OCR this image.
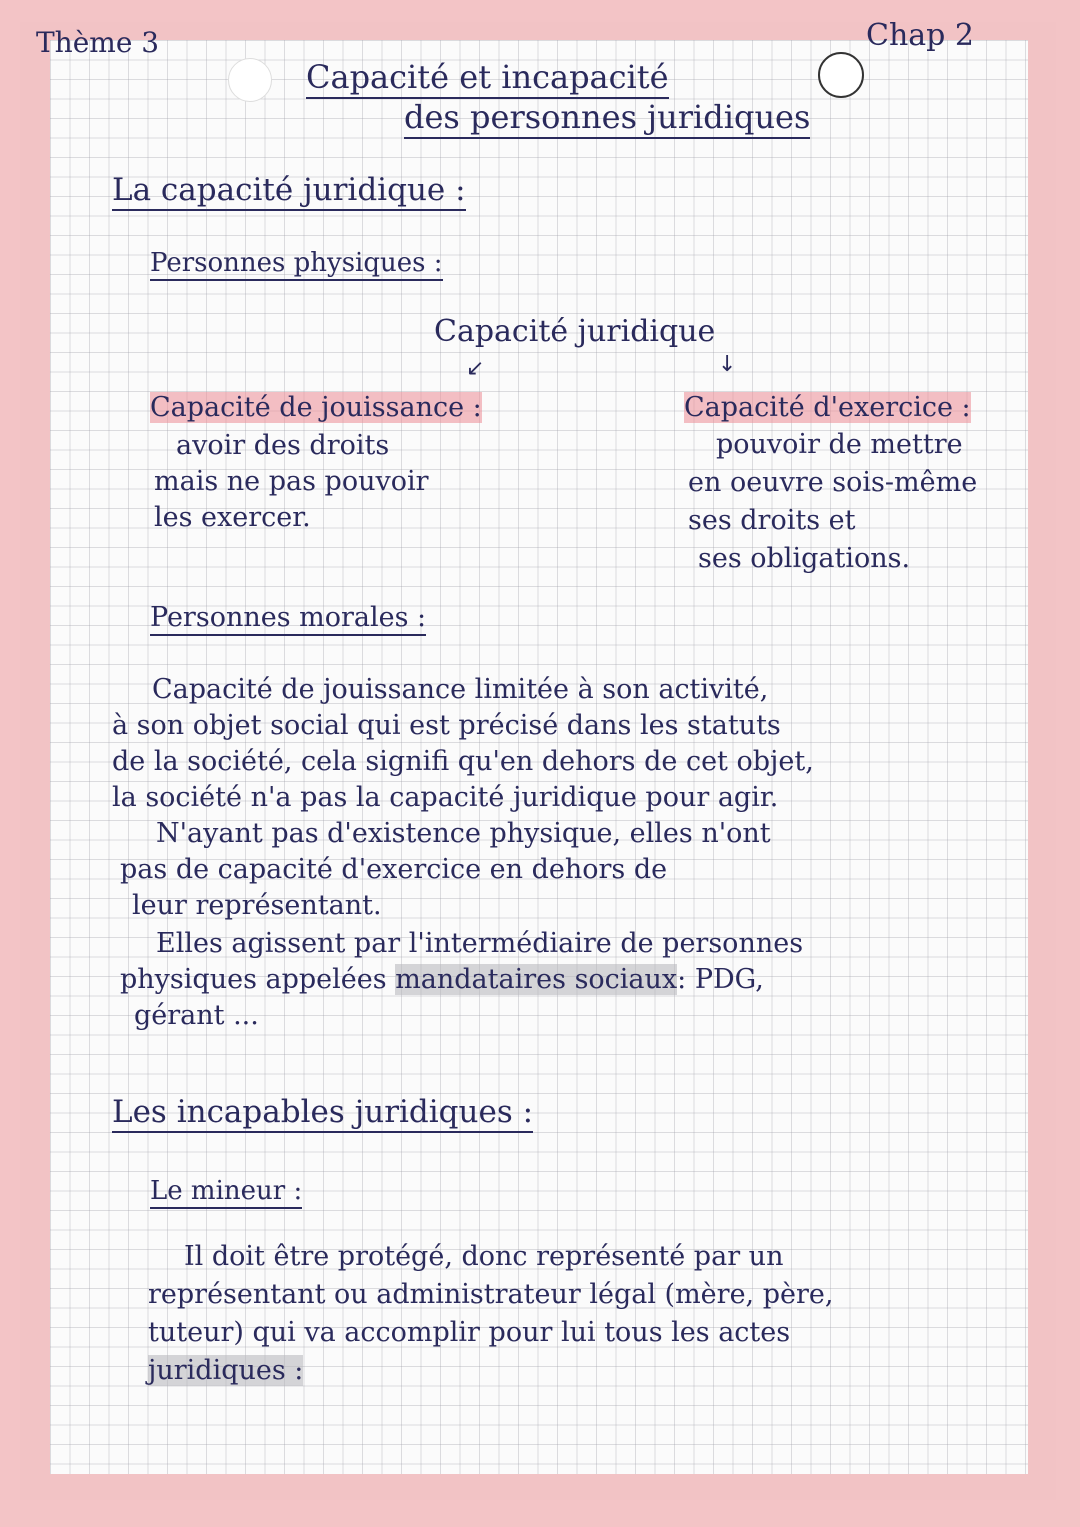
Thème 3	Chap 2
Capacité et incapacité
des personnes juridiques
La capacité juridique :
Personnes physiques :
Capacité juridique
↙	↓
Capacité de jouissance :
avoir des droits
mais ne pas pouvoir
les exercer.
Capacité d'exercice :
pouvoir de mettre
en oeuvre sois-même
ses droits et
ses obligations.
Personnes morales :
Capacité de jouissance limitée à son activité,
à son objet social qui est précisé dans les statuts
de la société, cela signifi qu'en dehors de cet objet,
la société n'a pas la capacité juridique pour agir.
N'ayant pas d'existence physique, elles n'ont
pas de capacité d'exercice en dehors de
leur représentant.
Elles agissent par l'intermédiaire de personnes
physiques appelées mandataires sociaux: PDG,
gérant ...
Les incapables juridiques :
Le mineur :
Il doit être protégé, donc représenté par un
représentant ou administrateur légal (mère, père,
tuteur) qui va accomplir pour lui tous les actes
juridiques :
